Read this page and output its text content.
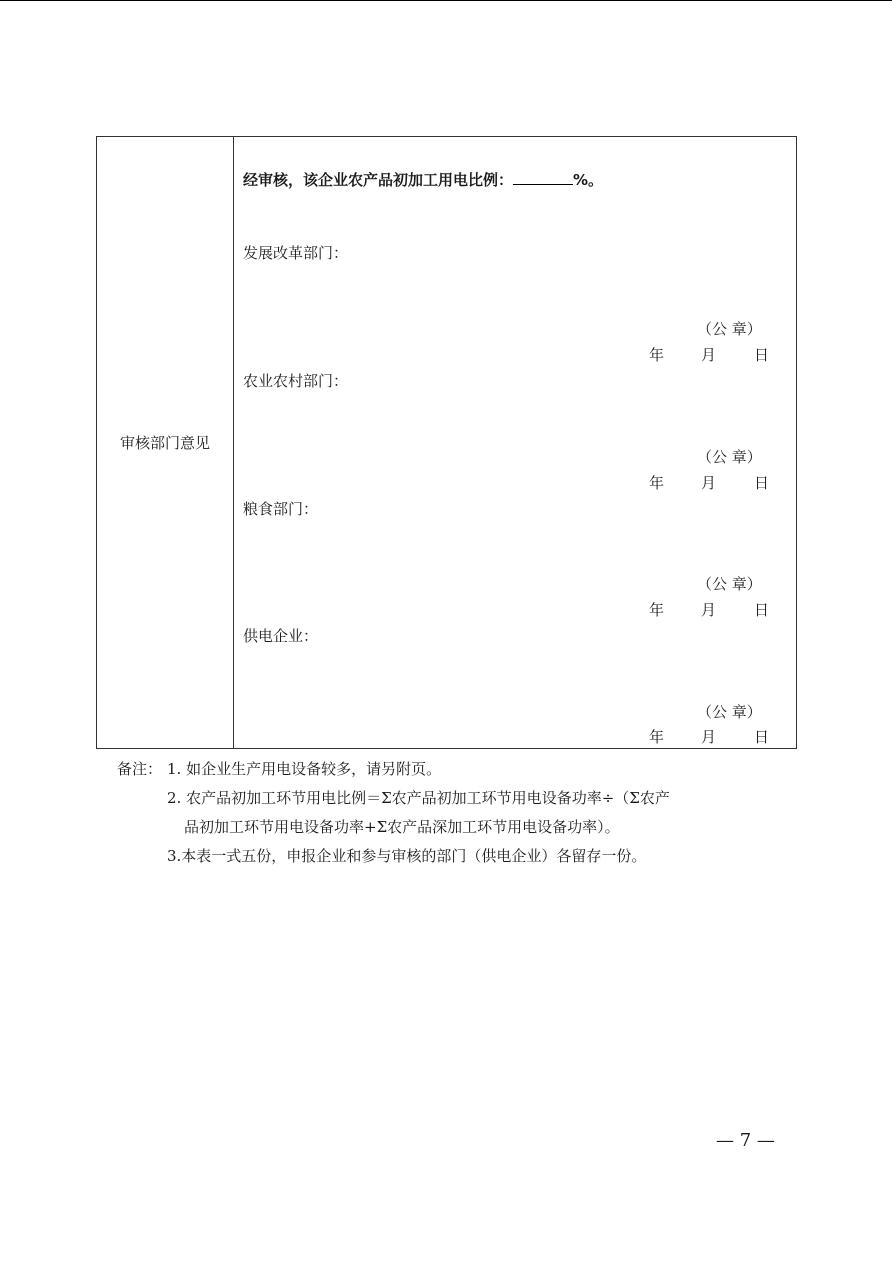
审核部门意见
经审核，该企业农产品初加工用电比例：	%。
发展改革部门：
（公 章）
年 月	日
农业农村部门：
（公 章）
年 月	日
粮食部门：
（公 章）
年 月	日
供电企业：
（公 章）
年 月	日
备注： 1. 如企业生产用电设备较多，请另附页。
2. 农产品初加工环节用电比例＝Σ农产品初加工环节用电设备功率÷（Σ农产
品初加工环节用电设备功率+Σ农产品深加工环节用电设备功率）。
3.本表一式五份，申报企业和参与审核的部门（供电企业）各留存一份。
— 7 —
